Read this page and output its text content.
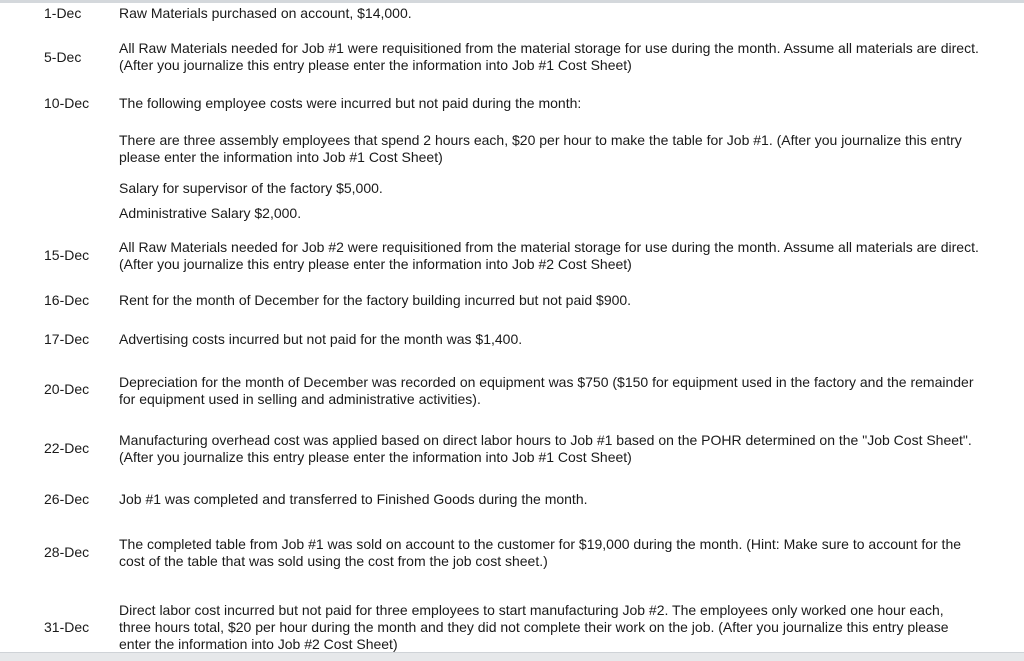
1-Dec	Raw Materials purchased on account, $14,000.
5-Dec
All Raw Materials needed for Job #1 were requisitioned from the material storage for use during the month. Assume all materials are direct. (After you journalize this entry please enter the information into Job #1 Cost Sheet)
10-Dec The following employee costs were incurred but not paid during the month:
There are three assembly employees that spend 2 hours each, $20 per hour to make the table for Job #1. (After you journalize this entry please enter the information into Job #1 Cost Sheet)
Salary for supervisor of the factory $5,000.
Administrative Salary $2,000.
15-Dec All Raw Materials needed for Job #2 were requisitioned from the material storage for use during the month. Assume all materials are direct. (After you journalize this entry please enter the information into Job #2 Cost Sheet)
16-Dec Rent for the month of December for the factory building incurred but not paid $900.
17-Dec Advertising costs incurred but not paid for the month was $1,400.
20-Dec Depreciation for the month of December was recorded on equipment was $750 ($150 for equipment used in the factory and the remainder for equipment used in selling and administrative activities).
22-Dec Manufacturing overhead cost was applied based on direct labor hours to Job #1 based on the POHR determined on the "Job Cost Sheet". (After you journalize this entry please enter the information into Job #1 Cost Sheet)
26-Dec Job #1 was completed and transferred to Finished Goods during the month.
28-Dec The completed table from Job #1 was sold on account to the customer for $19,000 during the month. (Hint: Make sure to account for the cost of the table that was sold using the cost from the job cost sheet.)
31-Dec
Direct labor cost incurred but not paid for three employees to start manufacturing Job #2. The employees only worked one hour each, three hours total, $20 per hour during the month and they did not complete their work on the job. (After you journalize this entry please enter the information into Job #2 Cost Sheet)
